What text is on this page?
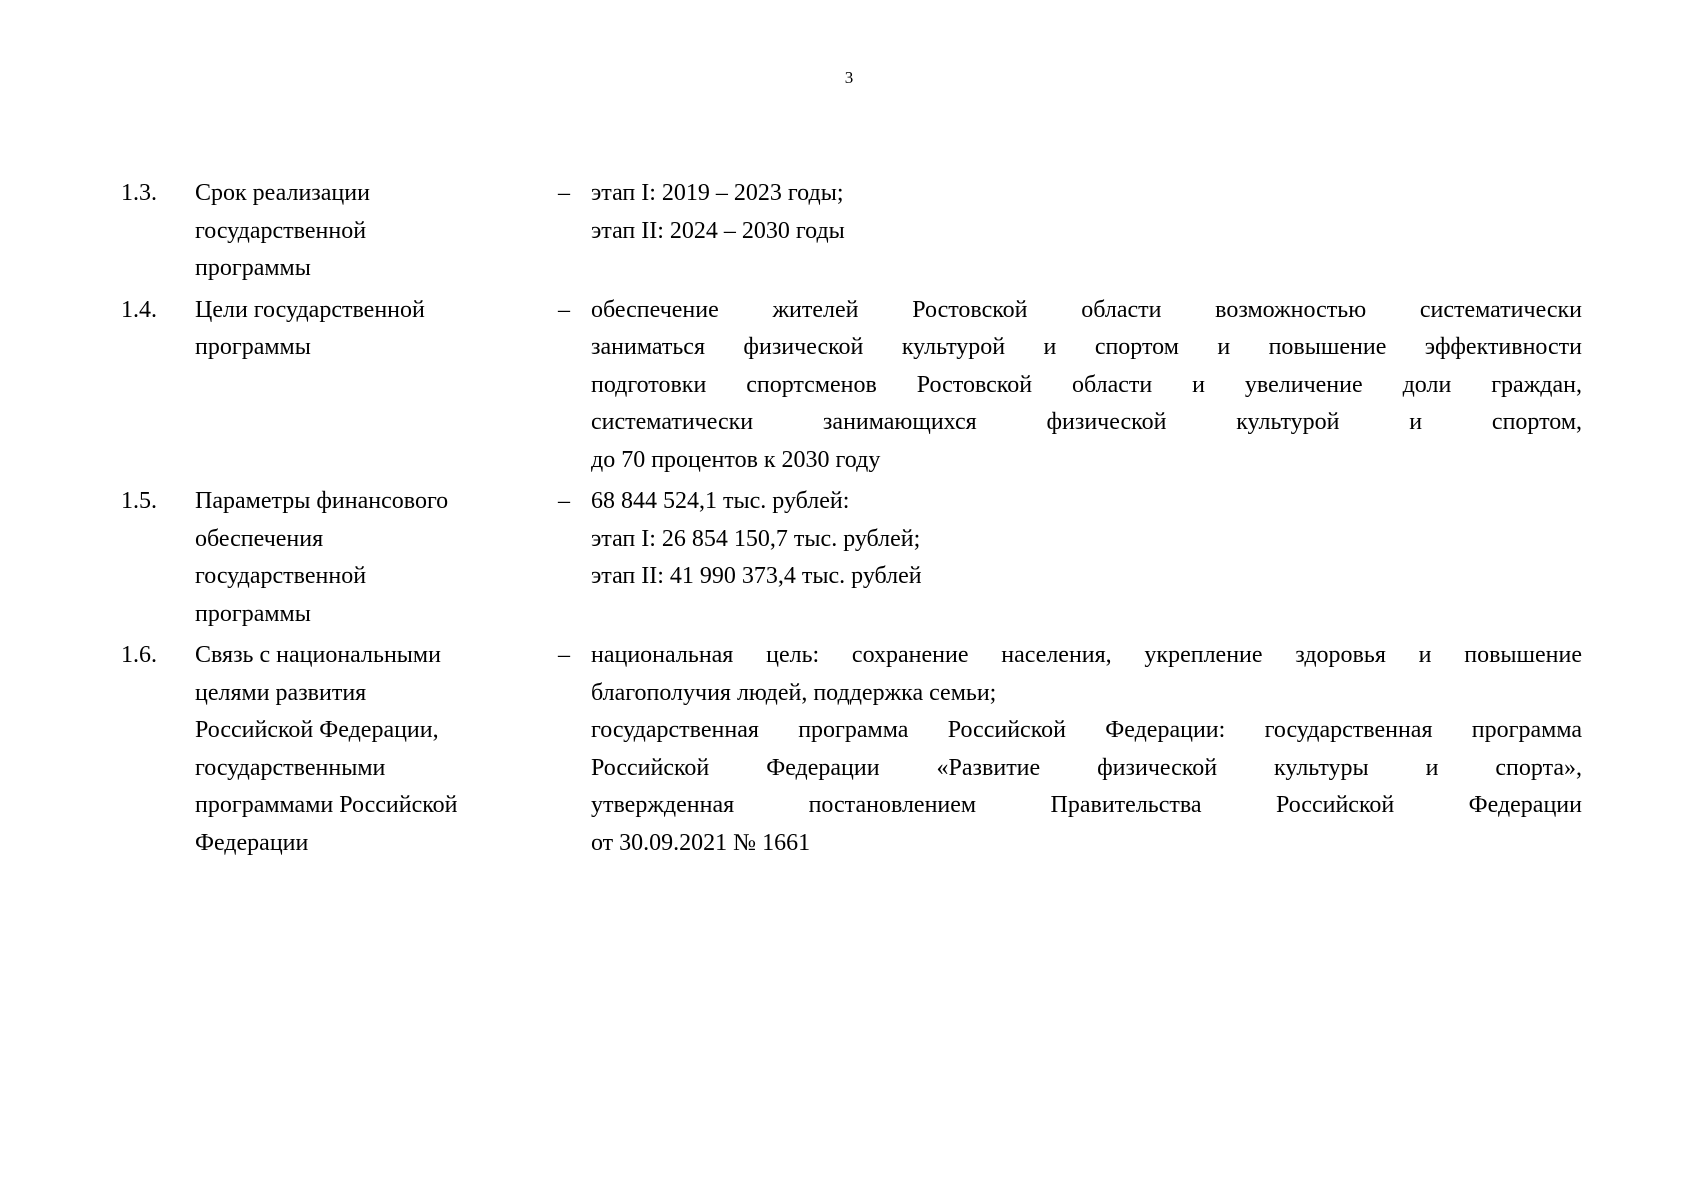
3
1.3.	Срок реализации
государственной
программы
– этап I: 2019 – 2023 годы;
этап II: 2024 – 2030 годы
1.4.	Цели государственной
программы
– обеспечение жителей Ростовской области возможностью систематически
заниматься физической культурой и спортом и повышение эффективности
подготовки спортсменов Ростовской области и увеличение доли граждан,
систематически занимающихся физической культурой и спортом,
до 70 процентов к 2030 году
1.5.	Параметры финансового
обеспечения
государственной
программы
– 68 844 524,1 тыс. рублей:
этап I: 26 854 150,7 тыс. рублей;
этап II: 41 990 373,4 тыс. рублей
1.6.	Связь с национальными
целями развития
Российской Федерации,
государственными
программами Российской
Федерации
– национальная цель: сохранение населения, укрепление здоровья и повышение
благополучия людей, поддержка семьи;
государственная программа Российской Федерации: государственная программа
Российской Федерации «Развитие физической культуры и спорта»,
утвержденная постановлением Правительства Российской Федерации
от 30.09.2021 № 1661
